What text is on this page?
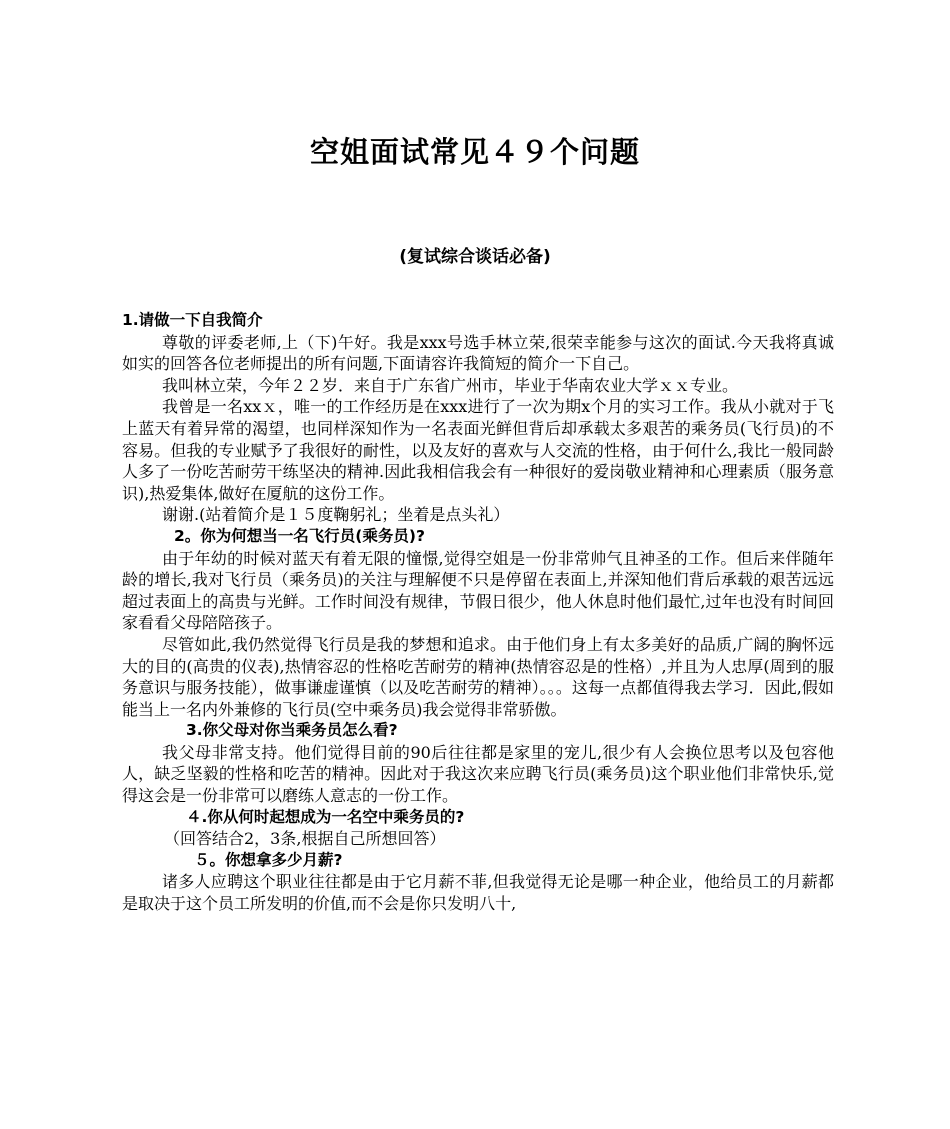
空姐面试常见４９个问题
(复试综合谈话必备)

1.请做一下自我简介

尊敬的评委老师,上（下)午好。我是xxx号选手林立荣,很荣幸能参与这次的面试.今天我将真诚如实的回答各位老师提出的所有问题,下面请容许我简短的简介一下自己。

我叫林立荣，今年２２岁．来自于广东省广州市，毕业于华南农业大学ｘｘ专业。

我曾是一名xxｘ，唯一的工作经历是在xxx进行了一次为期x个月的实习工作。我从小就对于飞上蓝天有着异常的渴望，也同样深知作为一名表面光鲜但背后却承载太多艰苦的乘务员(飞行员)的不容易。但我的专业赋予了我很好的耐性，以及友好的喜欢与人交流的性格，由于何什么,我比一般同龄人多了一份吃苦耐劳干练坚决的精神.因此我相信我会有一种很好的爱岗敬业精神和心理素质（服务意识),热爱集体,做好在厦航的这份工作。

谢谢.(站着简介是１５度鞠躬礼；坐着是点头礼）

2。你为何想当一名飞行员(乘务员)?

由于年幼的时候对蓝天有着无限的憧憬,觉得空姐是一份非常帅气且神圣的工作。但后来伴随年龄的增长,我对飞行员（乘务员)的关注与理解便不只是停留在表面上,并深知他们背后承载的艰苦远远超过表面上的高贵与光鲜。工作时间没有规律，节假日很少，他人休息时他们最忙,过年也没有时间回家看看父母陪陪孩子。

尽管如此,我仍然觉得飞行员是我的梦想和追求。由于他们身上有太多美好的品质,广阔的胸怀远大的目的(高贵的仪表),热情容忍的性格吃苦耐劳的精神(热情容忍是的性格）,并且为人忠厚(周到的服务意识与服务技能），做事谦虚谨慎（以及吃苦耐劳的精神）。。。这每一点都值得我去学习．因此,假如能当上一名内外兼修的飞行员(空中乘务员)我会觉得非常骄傲。

3.你父母对你当乘务员怎么看?

我父母非常支持。他们觉得目前的90后往往都是家里的宠儿,很少有人会换位思考以及包容他人，缺乏坚毅的性格和吃苦的精神。因此对于我这次来应聘飞行员(乘务员)这个职业他们非常快乐,觉得这会是一份非常可以磨练人意志的一份工作。

４.你从何时起想成为一名空中乘务员的?

（回答结合2，3条,根据自己所想回答）

５。你想拿多少月薪?

诸多人应聘这个职业往往都是由于它月薪不菲,但我觉得无论是哪一种企业，他给员工的月薪都是取决于这个员工所发明的价值,而不会是你只发明八十,
